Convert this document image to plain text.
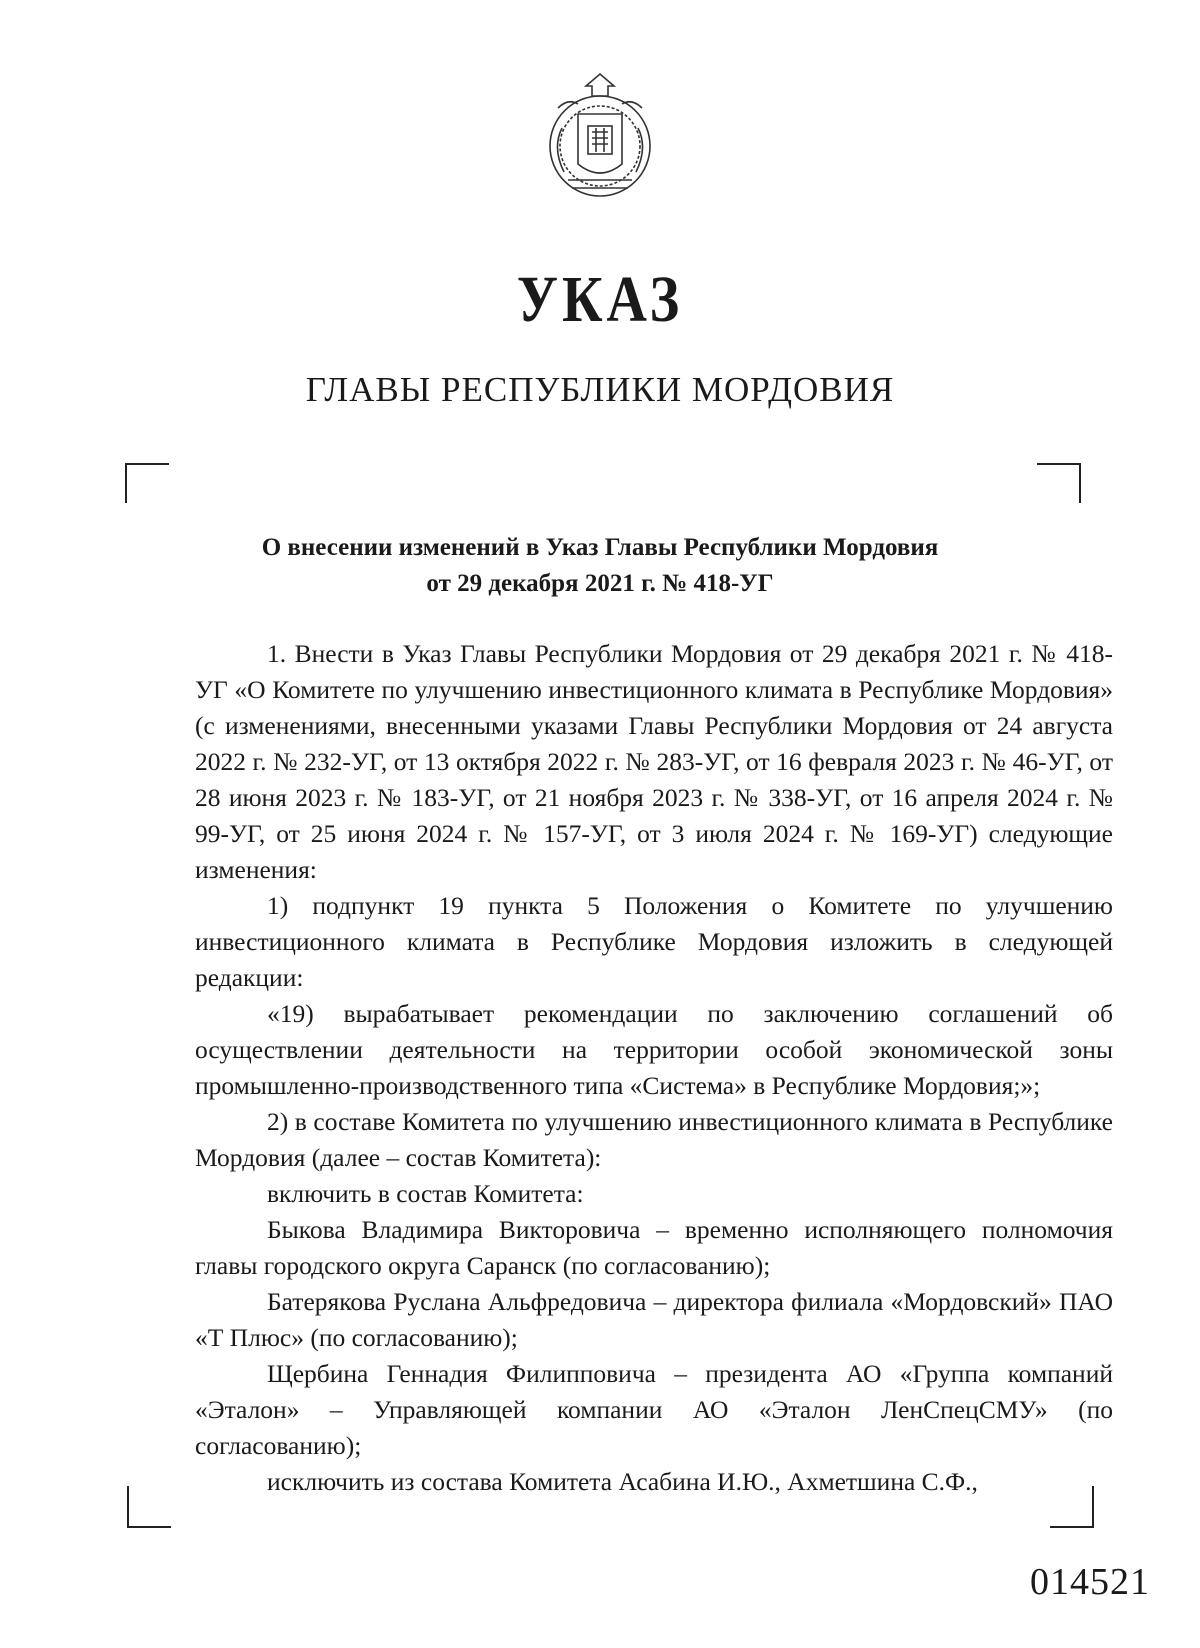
УКАЗ
ГЛАВЫ РЕСПУБЛИКИ МОРДОВИЯ
О внесении изменений в Указ Главы Республики Мордовия
от 29 декабря 2021 г. № 418-УГ

1. Внести в Указ Главы Республики Мордовия от 29 декабря 2021 г. № 418-УГ «О Комитете по улучшению инвестиционного климата в Республике Мордовия» (с изменениями, внесенными указами Главы Республики Мордовия от 24 августа 2022 г. № 232-УГ, от 13 октября 2022 г. № 283-УГ, от 16 февраля 2023 г. № 46-УГ, от 28 июня 2023 г. № 183-УГ, от 21 ноября 2023 г. № 338-УГ, от 16 апреля 2024 г. № 99-УГ, от 25 июня 2024 г. № 157-УГ, от 3 июля 2024 г. № 169-УГ) следующие изменения:

1) подпункт 19 пункта 5 Положения о Комитете по улучшению инвестиционного климата в Республике Мордовия изложить в следующей редакции:

«19) вырабатывает рекомендации по заключению соглашений об осуществлении деятельности на территории особой экономической зоны промышленно-производственного типа «Система» в Республике Мордовия;»;

2) в составе Комитета по улучшению инвестиционного климата в Республике Мордовия (далее – состав Комитета):

включить в состав Комитета:

Быкова Владимира Викторовича – временно исполняющего полномочия главы городского округа Саранск (по согласованию);

Батерякова Руслана Альфредовича – директора филиала «Мордовский» ПАО «Т Плюс» (по согласованию);

Щербина Геннадия Филипповича – президента АО «Группа компаний «Эталон» – Управляющей компании АО «Эталон ЛенСпецСМУ» (по согласованию);

исключить из состава Комитета Асабина И.Ю., Ахметшина С.Ф.,

014521
